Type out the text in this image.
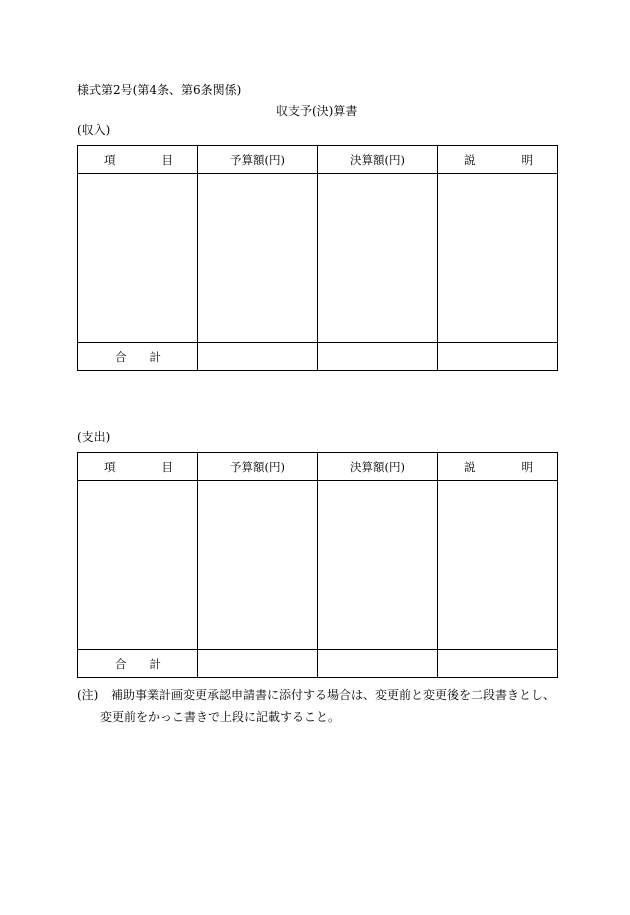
様式第2号(第4条、第6条関係)
収支予(決)算書
(収入)
項 目	予算額(円)	決算額(円)	説 明

合 計			

(支出)
項 目	予算額(円)	決算額(円)	説 明

合 計			

(注) 補助事業計画変更承認申請書に添付する場合は、変更前と変更後を二段書きとし、
変更前をかっこ書きで上段に記載すること。
